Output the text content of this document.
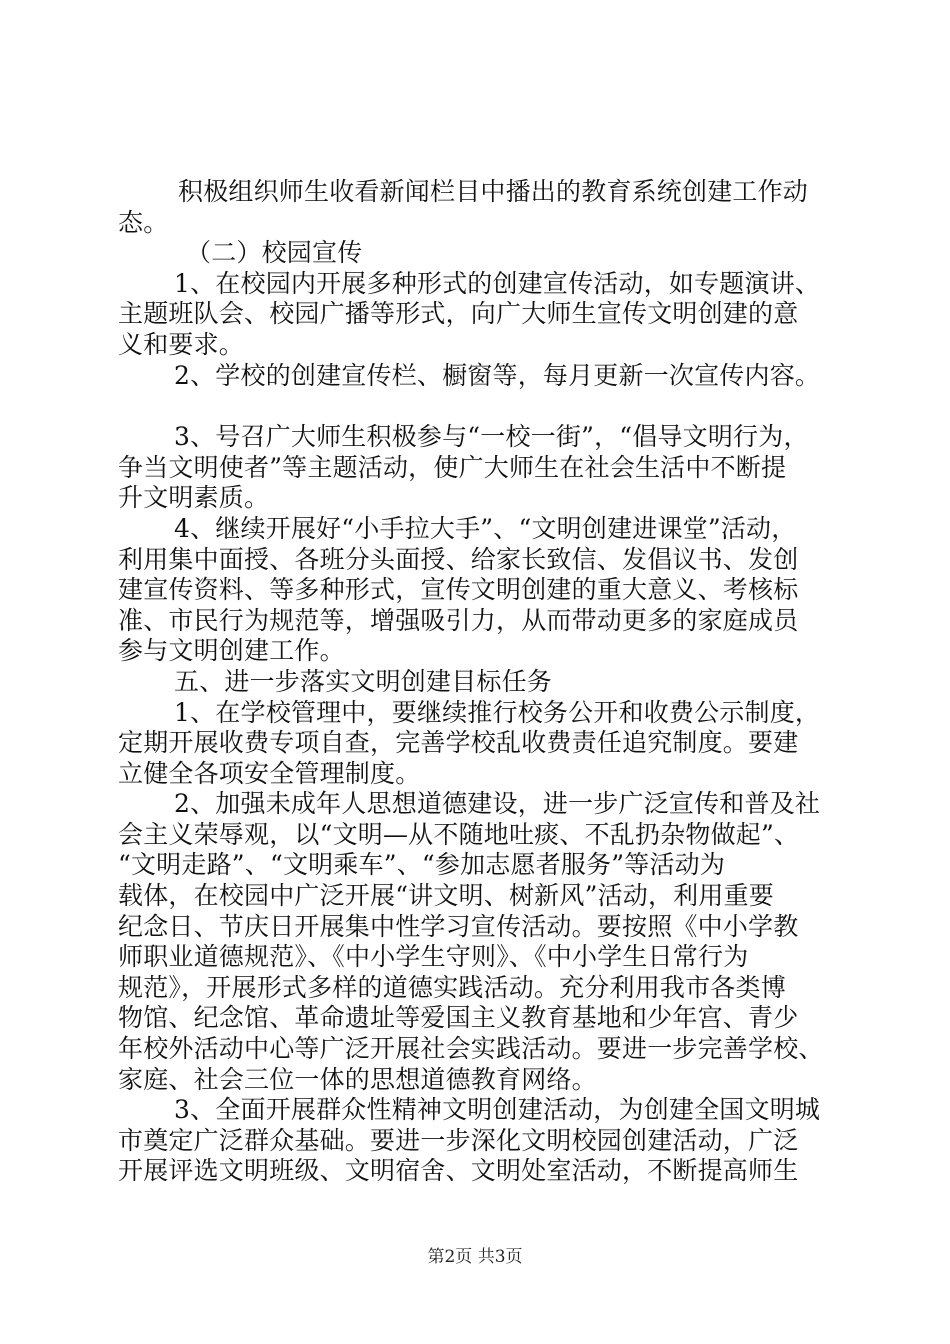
积极组织师生收看新闻栏目中播出的教育系统创建工作动
态。
（二）校园宣传
1、在校园内开展多种形式的创建宣传活动，如专题演讲、
主题班队会、校园广播等形式，向广大师生宣传文明创建的意
义和要求。
2、学校的创建宣传栏、橱窗等，每月更新一次宣传内容。
3、号召广大师生积极参与“一校一街”，“倡导文明行为，
争当文明使者”等主题活动，使广大师生在社会生活中不断提
升文明素质。
4、继续开展好“小手拉大手”、“文明创建进课堂”活动，
利用集中面授、各班分头面授、给家长致信、发倡议书、发创
建宣传资料、等多种形式，宣传文明创建的重大意义、考核标
准、市民行为规范等，增强吸引力，从而带动更多的家庭成员
参与文明创建工作。
五、进一步落实文明创建目标任务
1、在学校管理中，要继续推行校务公开和收费公示制度，
定期开展收费专项自查，完善学校乱收费责任追究制度。要建
立健全各项安全管理制度。
2、加强未成年人思想道德建设，进一步广泛宣传和普及社
会主义荣辱观，以“文明—从不随地吐痰、不乱扔杂物做起”、
“文明走路”、“文明乘车”、“参加志愿者服务”等活动为
载体，在校园中广泛开展“讲文明、树新风”活动，利用重要
纪念日、节庆日开展集中性学习宣传活动。要按照《中小学教
师职业道德规范》、《中小学生守则》、《中小学生日常行为
规范》，开展形式多样的道德实践活动。充分利用我市各类博
物馆、纪念馆、革命遗址等爱国主义教育基地和少年宫、青少
年校外活动中心等广泛开展社会实践活动。要进一步完善学校、
家庭、社会三位一体的思想道德教育网络。
3、全面开展群众性精神文明创建活动，为创建全国文明城
市奠定广泛群众基础。要进一步深化文明校园创建活动，广泛
开展评选文明班级、文明宿舍、文明处室活动，不断提高师生
第2页 共3页
